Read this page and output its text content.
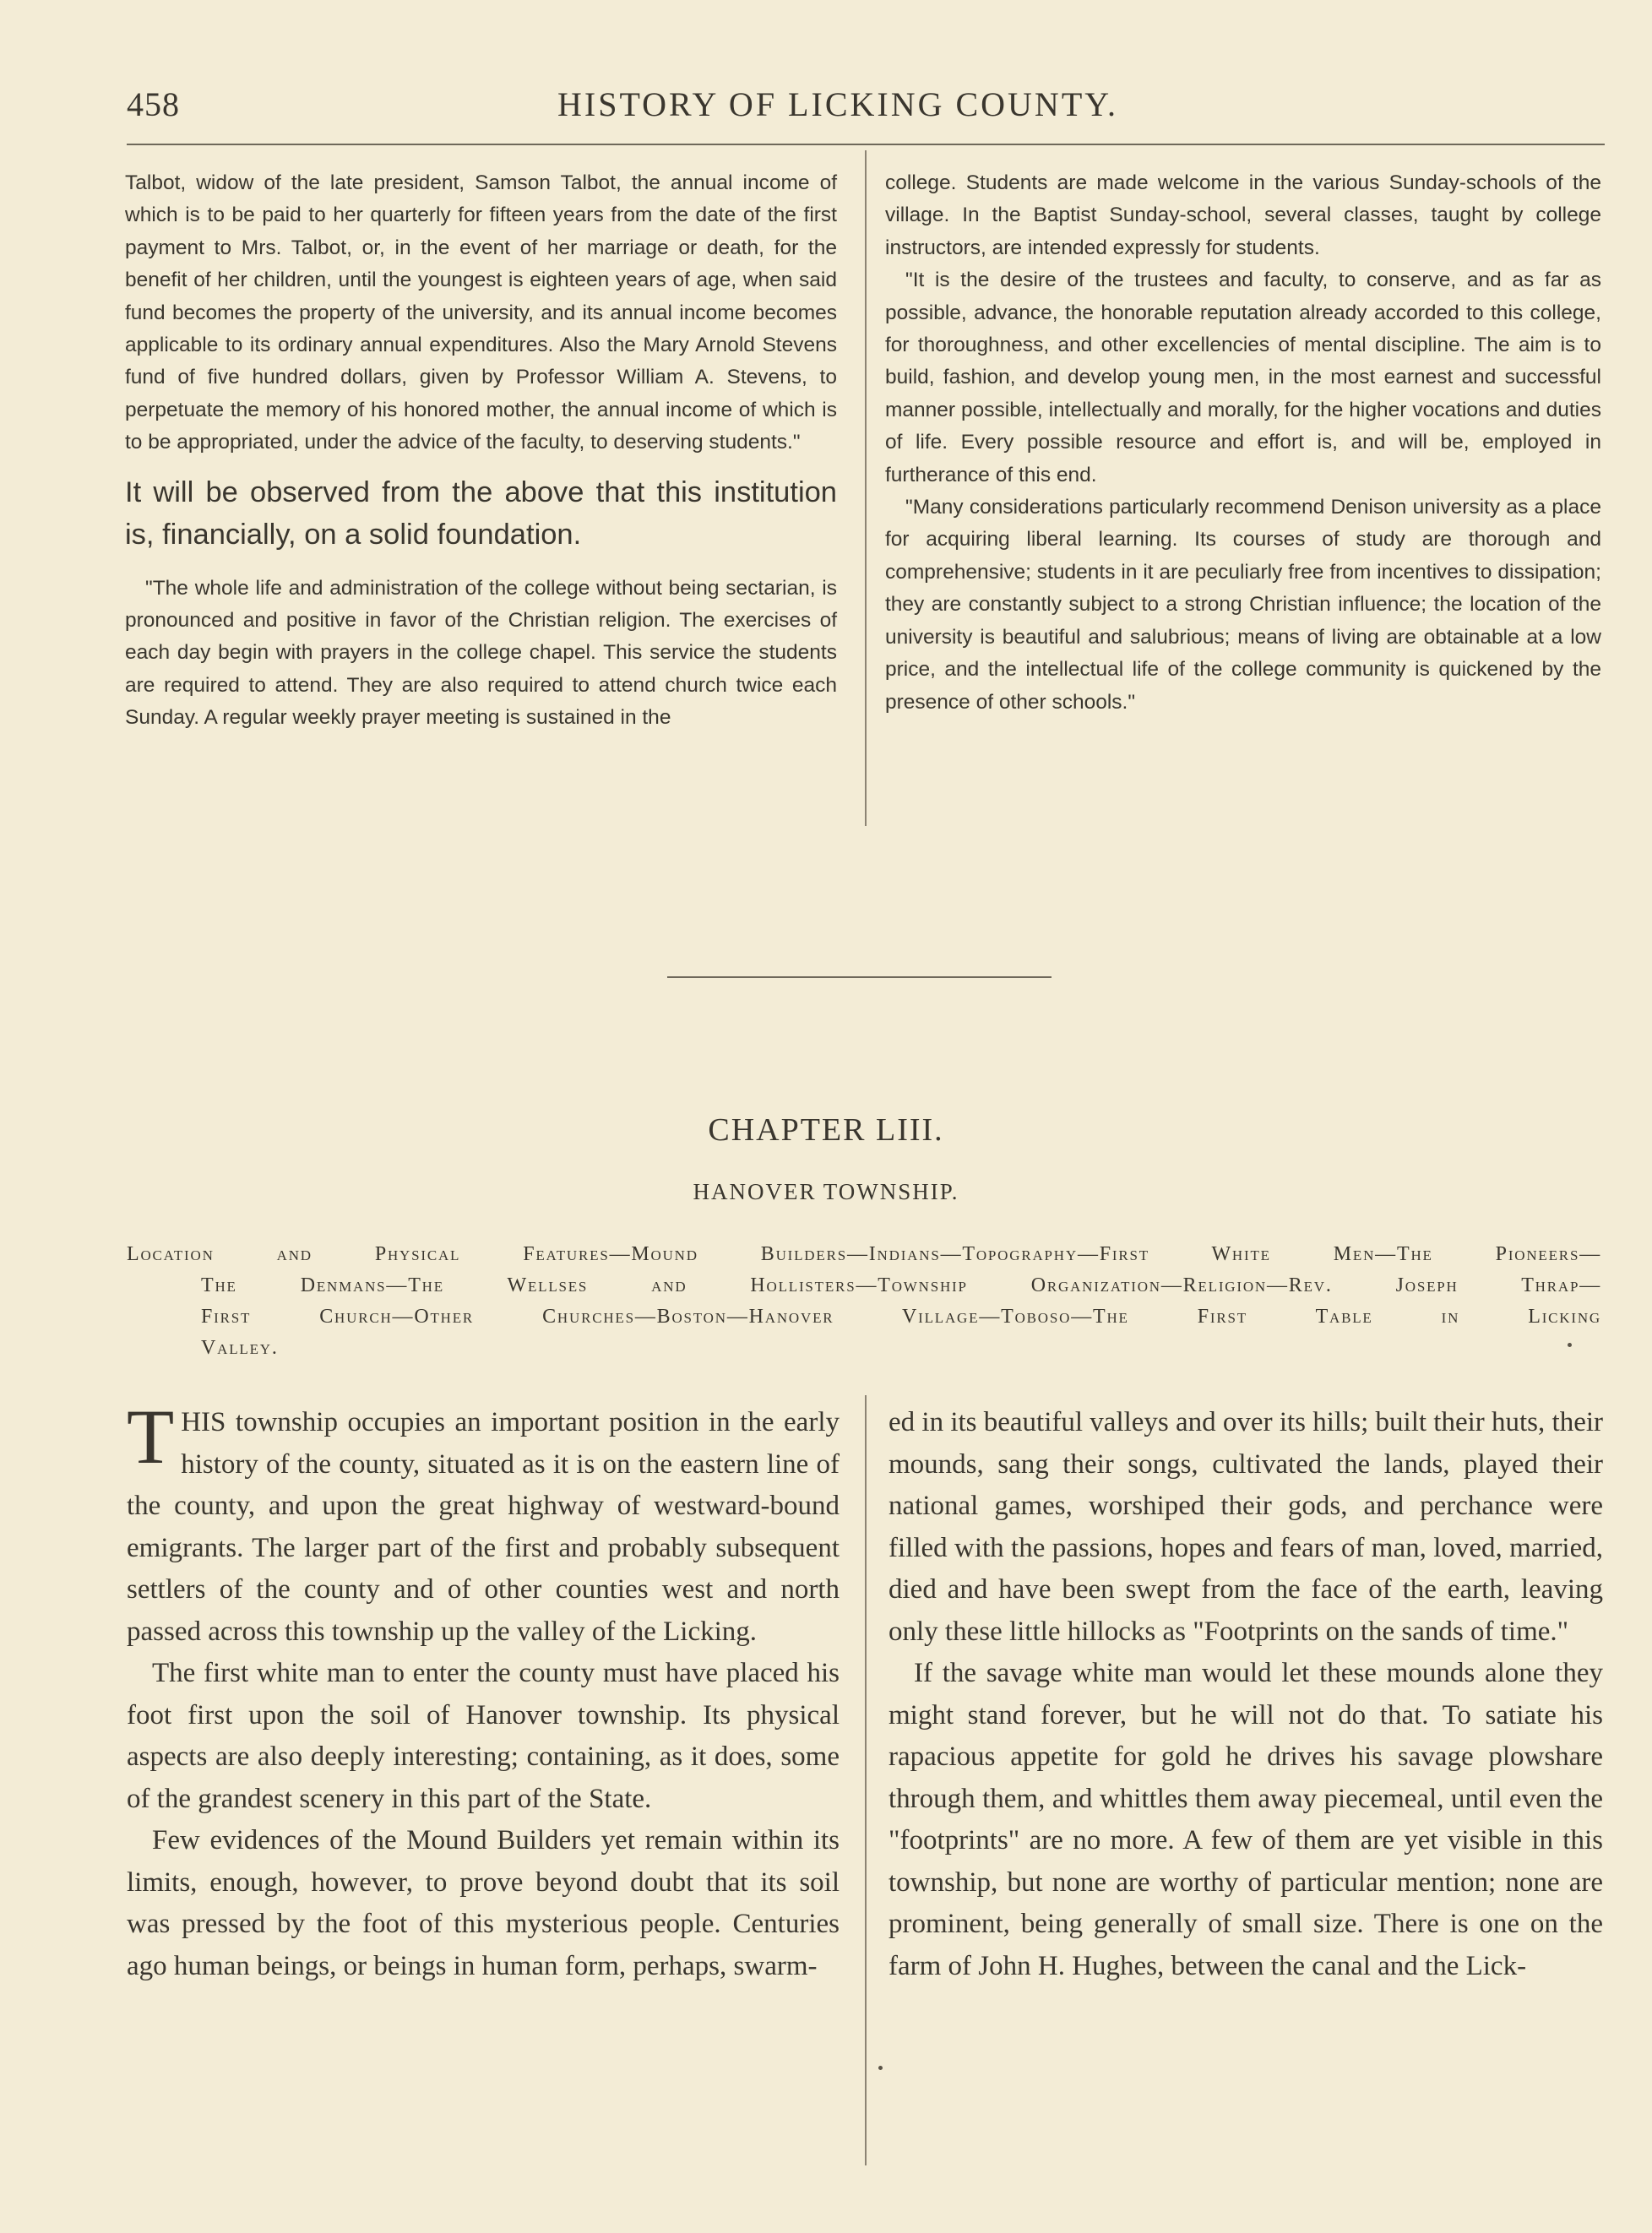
458	HISTORY OF LICKING COUNTY.

Talbot, widow of the late president, Samson Talbot, the annual income of which is to be paid to her quarterly for fifteen years from the date of the first payment to Mrs. Talbot, or, in the event of her marriage or death, for the benefit of her children, until the youngest is eighteen years of age, when said fund becomes the property of the university, and its annual income becomes applicable to its ordinary annual expenditures. Also the Mary Arnold Stevens fund of five hundred dollars, given by Professor William A. Stevens, to perpetuate the memory of his honored mother, the annual income of which is to be appropriated, under the advice of the faculty, to deserving students."

It will be observed from the above that this institution is, financially, on a solid foundation.

"The whole life and administration of the college without being sectarian, is pronounced and positive in favor of the Christian religion. The exercises of each day begin with prayers in the college chapel. This service the students are required to attend. They are also required to attend church twice each Sunday. A regular weekly prayer meeting is sustained in the

college. Students are made welcome in the various Sunday-schools of the village. In the Baptist Sunday-school, several classes, taught by college instructors, are intended expressly for students.

"It is the desire of the trustees and faculty, to conserve, and as far as possible, advance, the honorable reputation already accorded to this college, for thoroughness, and other excellencies of mental discipline. The aim is to build, fashion, and develop young men, in the most earnest and successful manner possible, intellectually and morally, for the higher vocations and duties of life. Every possible resource and effort is, and will be, employed in furtherance of this end.

"Many considerations particularly recommend Denison university as a place for acquiring liberal learning. Its courses of study are thorough and comprehensive; students in it are peculiarly free from incentives to dissipation; they are constantly subject to a strong Christian influence; the location of the university is beautiful and salubrious; means of living are obtainable at a low price, and the intellectual life of the college community is quickened by the presence of other schools."

CHAPTER LIII.
HANOVER TOWNSHIP.
Location and Physical Features—Mound Builders—Indians—Topography—First White Men—The Pioneers—
The Denmans—The Wellses and Hollisters—Township Organization—Religion—Rev. Joseph Thrap—
First Church—Other Churches—Boston—Hanover Village—Toboso—The First Table in Licking
Valley.

THIS township occupies an important position in the early history of the county, situated as it is on the eastern line of the county, and upon the great highway of westward-bound emigrants. The larger part of the first and probably subsequent settlers of the county and of other counties west and north passed across this township up the valley of the Licking.

The first white man to enter the county must have placed his foot first upon the soil of Hanover township. Its physical aspects are also deeply interesting; containing, as it does, some of the grandest scenery in this part of the State.

Few evidences of the Mound Builders yet remain within its limits, enough, however, to prove beyond doubt that its soil was pressed by the foot of this mysterious people. Centuries ago human beings, or beings in human form, perhaps, swarm-

ed in its beautiful valleys and over its hills; built their huts, their mounds, sang their songs, cultivated the lands, played their national games, worshiped their gods, and perchance were filled with the passions, hopes and fears of man, loved, married, died and have been swept from the face of the earth, leaving only these little hillocks as "Footprints on the sands of time."

If the savage white man would let these mounds alone they might stand forever, but he will not do that. To satiate his rapacious appetite for gold he drives his savage plowshare through them, and whittles them away piecemeal, until even the "footprints" are no more. A few of them are yet visible in this township, but none are worthy of particular mention; none are prominent, being generally of small size. There is one on the farm of John H. Hughes, between the canal and the Lick-
